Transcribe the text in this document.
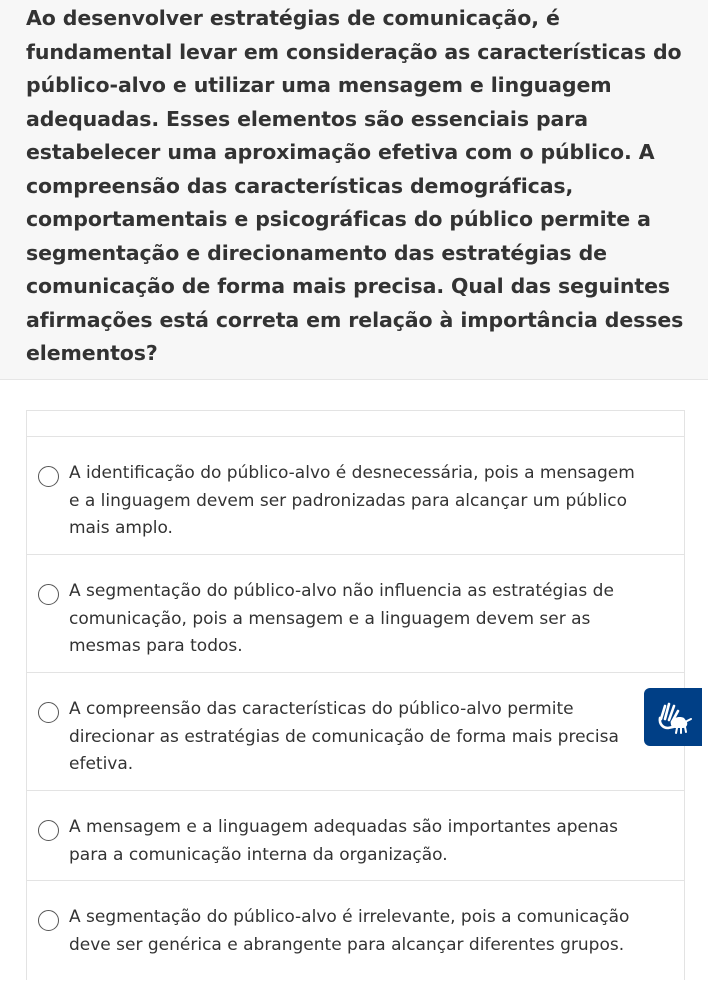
Ao desenvolver estratégias de comunicação, é
fundamental levar em consideração as características do
público-alvo e utilizar uma mensagem e linguagem
adequadas. Esses elementos são essenciais para
estabelecer uma aproximação efetiva com o público. A
compreensão das características demográficas,
comportamentais e psicográficas do público permite a
segmentação e direcionamento das estratégias de
comunicação de forma mais precisa. Qual das seguintes
afirmações está correta em relação à importância desses
elementos?

A identificação do público-alvo é desnecessária, pois a mensagem
e a linguagem devem ser padronizadas para alcançar um público
mais amplo.
A segmentação do público-alvo não influencia as estratégias de
comunicação, pois a mensagem e a linguagem devem ser as
mesmas para todos.
A compreensão das características do público-alvo permite
direcionar as estratégias de comunicação de forma mais precisa
efetiva.
A mensagem e a linguagem adequadas são importantes apenas
para a comunicação interna da organização.
A segmentação do público-alvo é irrelevante, pois a comunicação
deve ser genérica e abrangente para alcançar diferentes grupos.
